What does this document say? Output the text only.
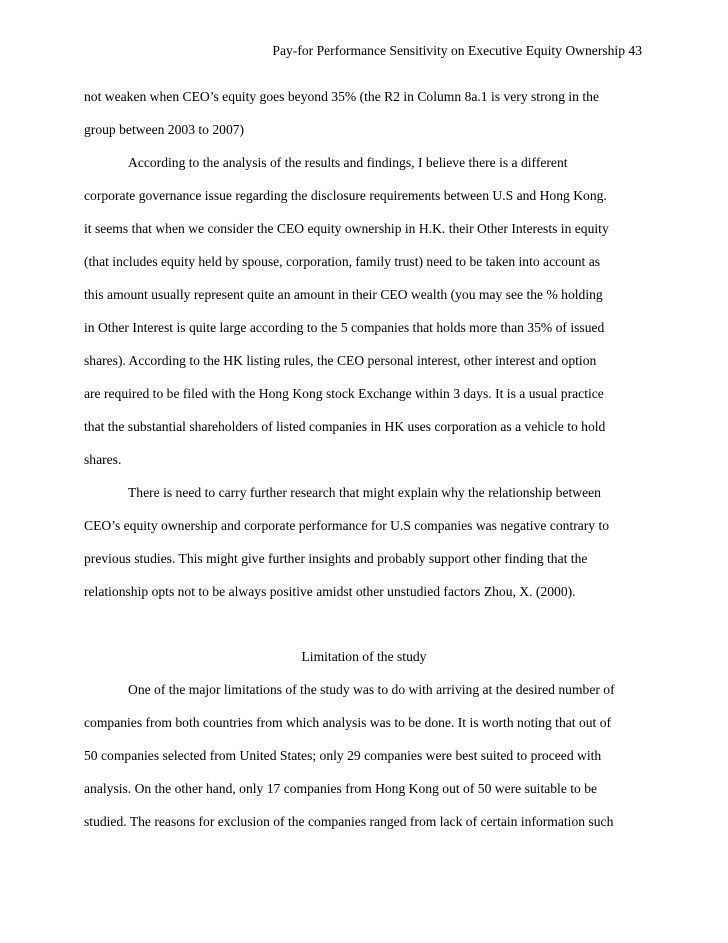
Pay-for Performance Sensitivity on Executive Equity Ownership 43
not weaken when CEO’s equity goes beyond 35% (the R2 in Column 8a.1 is very strong in the
group between 2003 to 2007)
According to the analysis of the results and findings, I believe there is a different
corporate governance issue regarding the disclosure requirements between U.S and Hong Kong.
it seems that when we consider the CEO equity ownership in H.K. their Other Interests in equity
(that includes equity held by spouse, corporation, family trust) need to be taken into account as
this amount usually represent quite an amount in their CEO wealth (you may see the % holding
in Other Interest is quite large according to the 5 companies that holds more than 35% of issued
shares). According to the HK listing rules, the CEO personal interest, other interest and option
are required to be filed with the Hong Kong stock Exchange within 3 days. It is a usual practice
that the substantial shareholders of listed companies in HK uses corporation as a vehicle to hold
shares.
There is need to carry further research that might explain why the relationship between
CEO’s equity ownership and corporate performance for U.S companies was negative contrary to
previous studies. This might give further insights and probably support other finding that the
relationship opts not to be always positive amidst other unstudied factors Zhou, X. (2000).
Limitation of the study
One of the major limitations of the study was to do with arriving at the desired number of
companies from both countries from which analysis was to be done. It is worth noting that out of
50 companies selected from United States; only 29 companies were best suited to proceed with
analysis. On the other hand, only 17 companies from Hong Kong out of 50 were suitable to be
studied. The reasons for exclusion of the companies ranged from lack of certain information such
